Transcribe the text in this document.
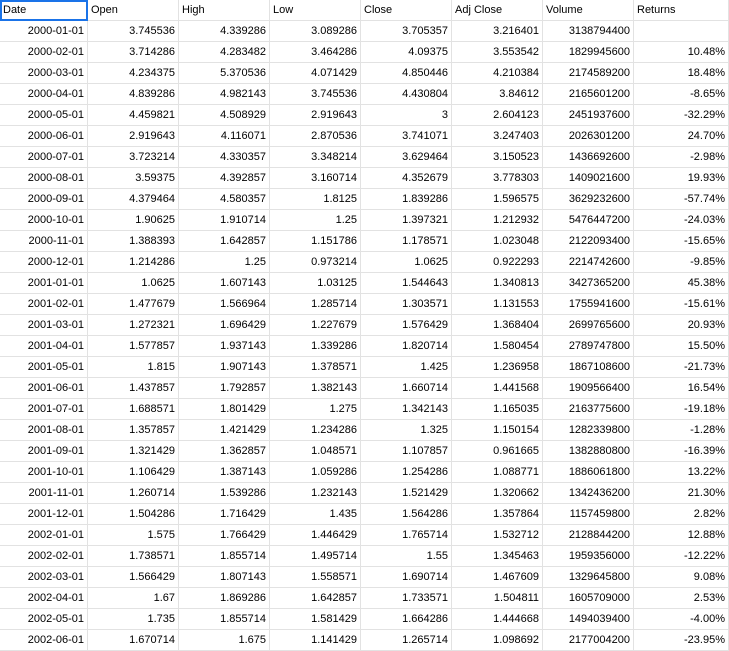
Date	Open	High	Low	Close	Adj Close	Volume	Returns
2000-01-01	3.745536	4.339286	3.089286	3.705357	3.216401	3138794400
2000-02-01	3.714286	4.283482	3.464286	4.09375	3.553542	1829945600	10.48%
2000-03-01	4.234375	5.370536	4.071429	4.850446	4.210384	2174589200	18.48%
2000-04-01	4.839286	4.982143	3.745536	4.430804	3.84612	2165601200	-8.65%
2000-05-01	4.459821	4.508929	2.919643	3	2.604123	2451937600	-32.29%
2000-06-01	2.919643	4.116071	2.870536	3.741071	3.247403	2026301200	24.70%
2000-07-01	3.723214	4.330357	3.348214	3.629464	3.150523	1436692600	-2.98%
2000-08-01	3.59375	4.392857	3.160714	4.352679	3.778303	1409021600	19.93%
2000-09-01	4.379464	4.580357	1.8125	1.839286	1.596575	3629232600	-57.74%
2000-10-01	1.90625	1.910714	1.25	1.397321	1.212932	5476447200	-24.03%
2000-11-01	1.388393	1.642857	1.151786	1.178571	1.023048	2122093400	-15.65%
2000-12-01	1.214286	1.25	0.973214	1.0625	0.922293	2214742600	-9.85%
2001-01-01	1.0625	1.607143	1.03125	1.544643	1.340813	3427365200	45.38%
2001-02-01	1.477679	1.566964	1.285714	1.303571	1.131553	1755941600	-15.61%
2001-03-01	1.272321	1.696429	1.227679	1.576429	1.368404	2699765600	20.93%
2001-04-01	1.577857	1.937143	1.339286	1.820714	1.580454	2789747800	15.50%
2001-05-01	1.815	1.907143	1.378571	1.425	1.236958	1867108600	-21.73%
2001-06-01	1.437857	1.792857	1.382143	1.660714	1.441568	1909566400	16.54%
2001-07-01	1.688571	1.801429	1.275	1.342143	1.165035	2163775600	-19.18%
2001-08-01	1.357857	1.421429	1.234286	1.325	1.150154	1282339800	-1.28%
2001-09-01	1.321429	1.362857	1.048571	1.107857	0.961665	1382880800	-16.39%
2001-10-01	1.106429	1.387143	1.059286	1.254286	1.088771	1886061800	13.22%
2001-11-01	1.260714	1.539286	1.232143	1.521429	1.320662	1342436200	21.30%
2001-12-01	1.504286	1.716429	1.435	1.564286	1.357864	1157459800	2.82%
2002-01-01	1.575	1.766429	1.446429	1.765714	1.532712	2128844200	12.88%
2002-02-01	1.738571	1.855714	1.495714	1.55	1.345463	1959356000	-12.22%
2002-03-01	1.566429	1.807143	1.558571	1.690714	1.467609	1329645800	9.08%
2002-04-01	1.67	1.869286	1.642857	1.733571	1.504811	1605709000	2.53%
2002-05-01	1.735	1.855714	1.581429	1.664286	1.444668	1494039400	-4.00%
2002-06-01	1.670714	1.675	1.141429	1.265714	1.098692	2177004200	-23.95%
